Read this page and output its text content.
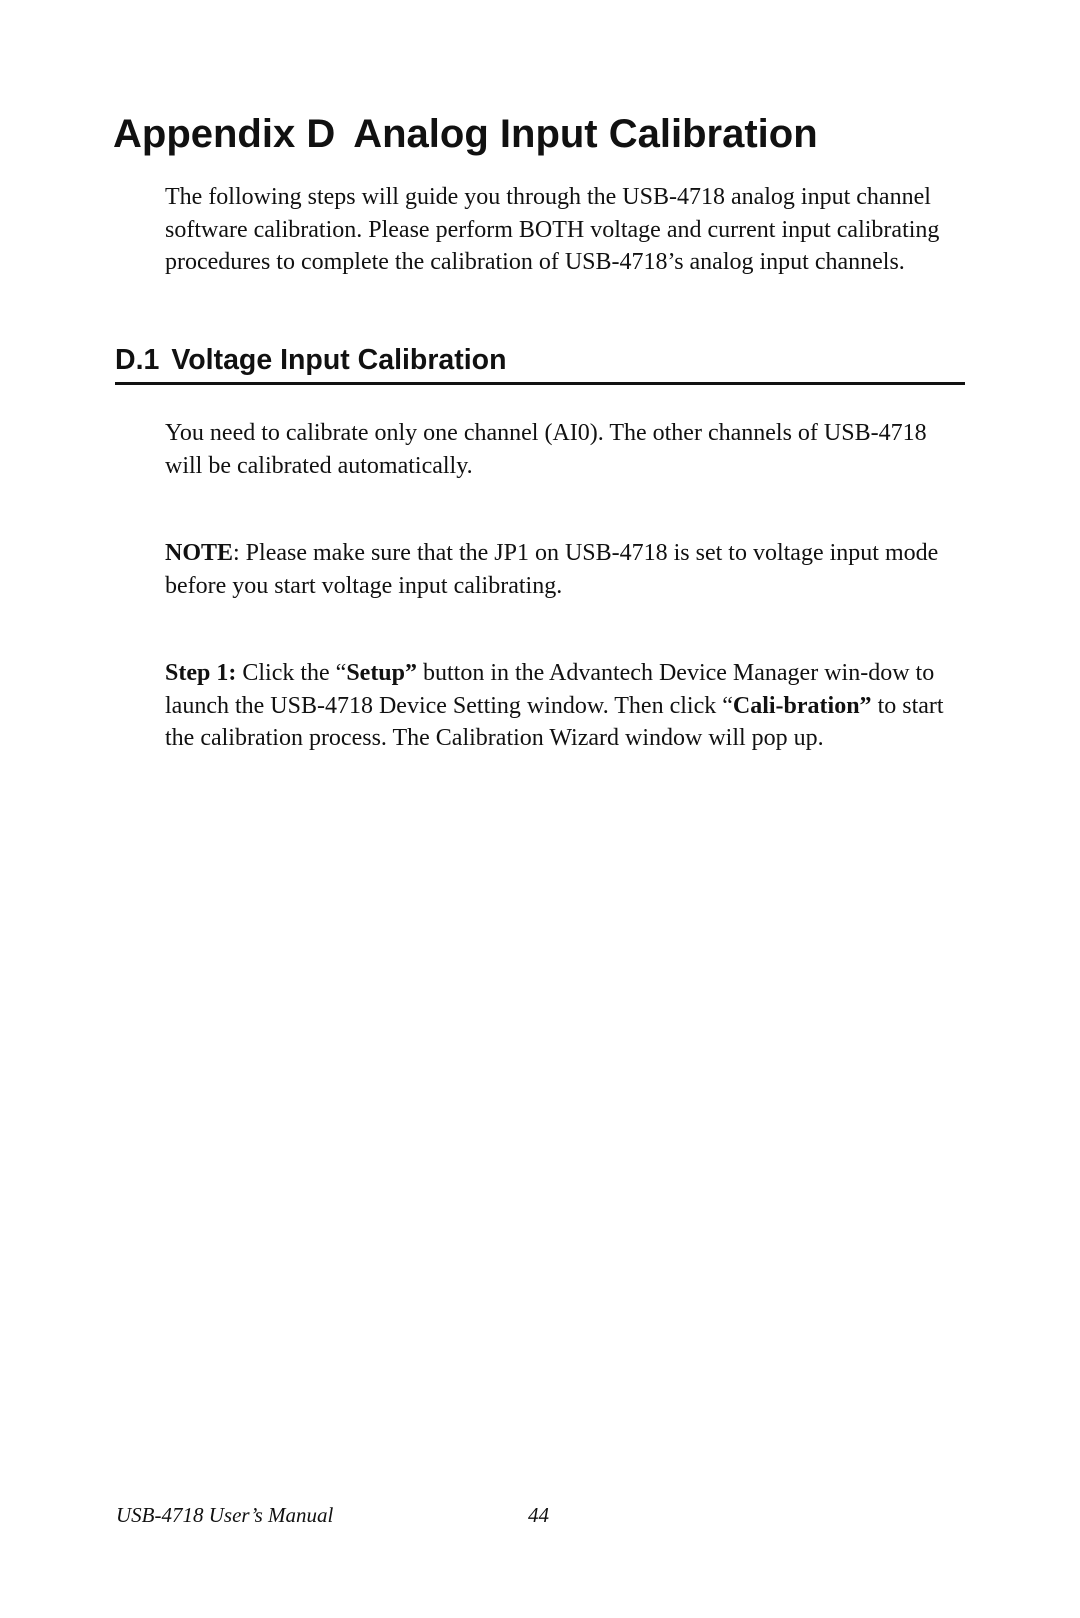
Appendix D Analog Input Calibration

The following steps will guide you through the USB-4718 analog input channel software calibration. Please perform BOTH voltage and current input calibrating procedures to complete the calibration of USB-4718’s analog input channels.

D.1 Voltage Input Calibration

You need to calibrate only one channel (AI0). The other channels of USB-4718 will be calibrated automatically.

NOTE: Please make sure that the JP1 on USB-4718 is set to voltage input mode before you start voltage input calibrating.

Step 1: Click the “Setup” button in the Advantech Device Manager win-dow to launch the USB-4718 Device Setting window. Then click “Cali-bration” to start the calibration process. The Calibration Wizard window will pop up.

USB-4718 User’s Manual	44
